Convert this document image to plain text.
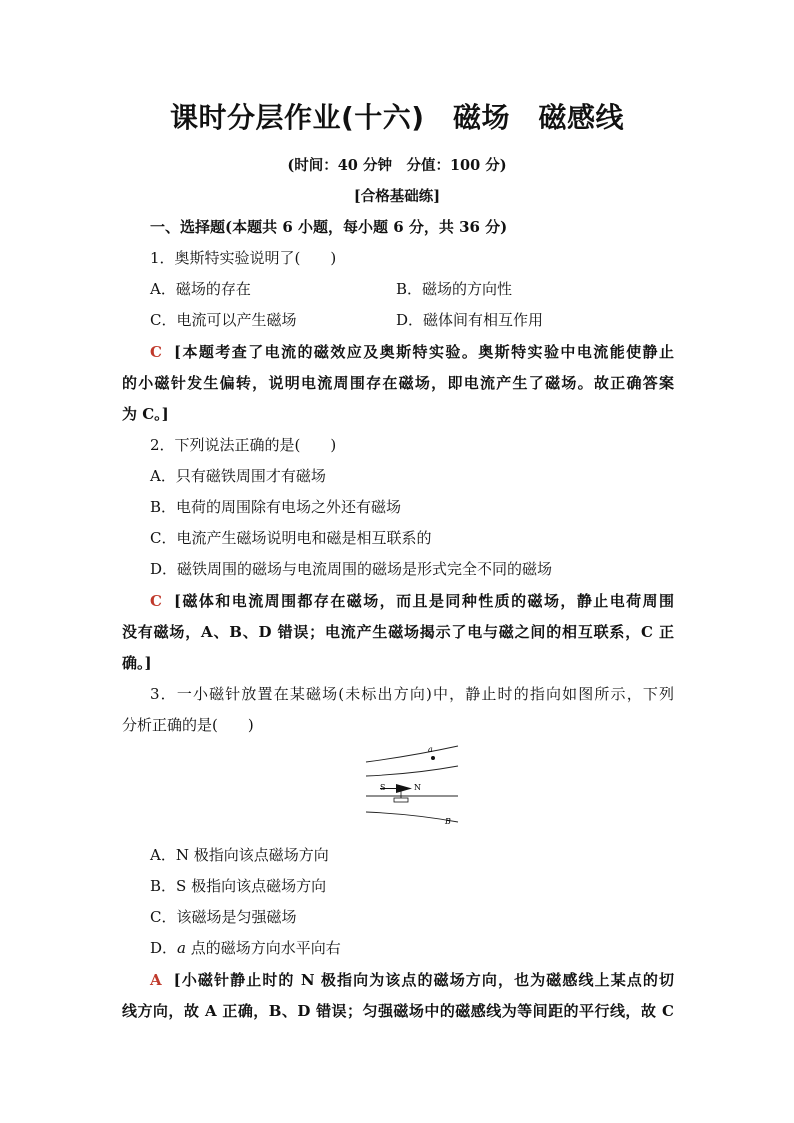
课时分层作业(十六)　磁场　磁感线
(时间：40 分钟　分值：100 分)
[合格基础练]
一、选择题(本题共 6 小题，每小题 6 分，共 36 分)
1．奥斯特实验说明了(　　)
A．磁场的存在	B．磁场的方向性
C．电流可以产生磁场	D．磁体间有相互作用
C [本题考查了电流的磁效应及奥斯特实验。奥斯特实验中电流能使静止
的小磁针发生偏转，说明电流周围存在磁场，即电流产生了磁场。故正确答案
为 C。]
2．下列说法正确的是(　　)
A．只有磁铁周围才有磁场
B．电荷的周围除有电场之外还有磁场
C．电流产生磁场说明电和磁是相互联系的
D．磁铁周围的磁场与电流周围的磁场是形式完全不同的磁场
C [磁体和电流周围都存在磁场，而且是同种性质的磁场，静止电荷周围
没有磁场，A、B、D 错误；电流产生磁场揭示了电与磁之间的相互联系，C 正
确。]
3．一小磁针放置在某磁场(未标出方向)中，静止时的指向如图所示，下列
分析正确的是(　　)
a
S	N
B
A．N 极指向该点磁场方向
B．S 极指向该点磁场方向
C．该磁场是匀强磁场
D．a 点的磁场方向水平向右
A [小磁针静止时的 N 极指向为该点的磁场方向，也为磁感线上某点的切
线方向，故 A 正确，B、D 错误；匀强磁场中的磁感线为等间距的平行线，故 C
